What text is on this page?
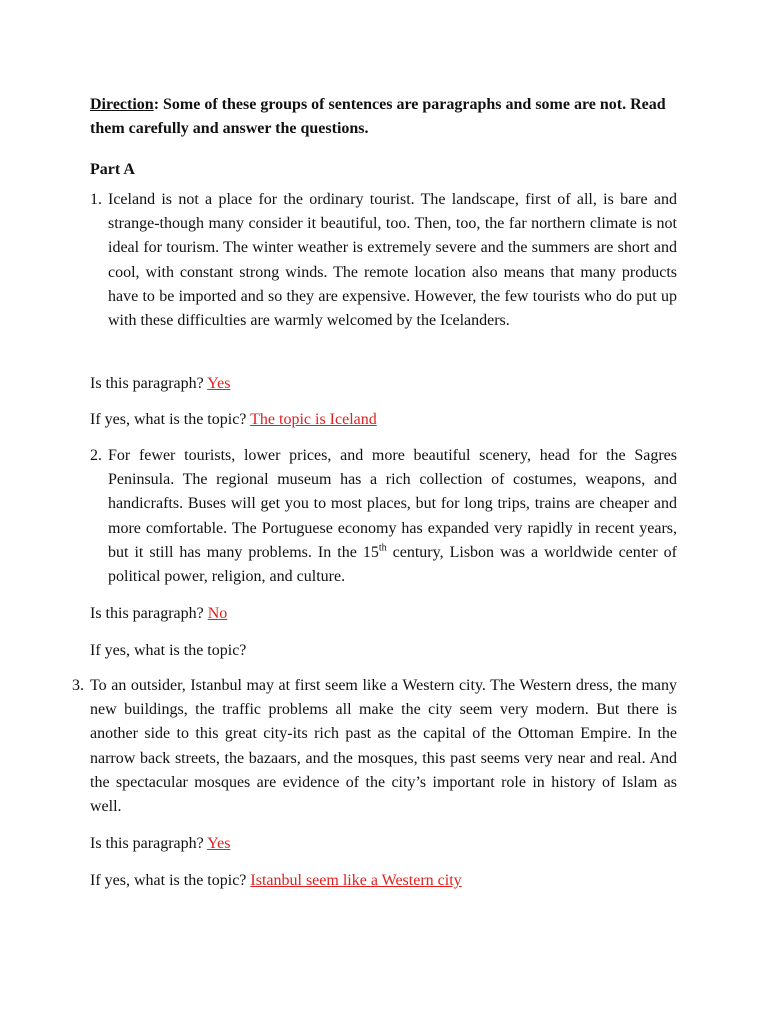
Direction: Some of these groups of sentences are paragraphs and some are not. Read them carefully and answer the questions.
Part A
1. Iceland is not a place for the ordinary tourist. The landscape, first of all, is bare and strange-though many consider it beautiful, too. Then, too, the far northern climate is not ideal for tourism. The winter weather is extremely severe and the summers are short and cool, with constant strong winds. The remote location also means that many products have to be imported and so they are expensive. However, the few tourists who do put up with these difficulties are warmly welcomed by the Icelanders.
Is this paragraph? Yes
If yes, what is the topic? The topic is Iceland
2. For fewer tourists, lower prices, and more beautiful scenery, head for the Sagres Peninsula. The regional museum has a rich collection of costumes, weapons, and handicrafts. Buses will get you to most places, but for long trips, trains are cheaper and more comfortable. The Portuguese economy has expanded very rapidly in recent years, but it still has many problems. In the 15th century, Lisbon was a worldwide center of political power, religion, and culture.
Is this paragraph? No
If yes, what is the topic?
3. To an outsider, Istanbul may at first seem like a Western city. The Western dress, the many new buildings, the traffic problems all make the city seem very modern. But there is another side to this great city-its rich past as the capital of the Ottoman Empire. In the narrow back streets, the bazaars, and the mosques, this past seems very near and real. And the spectacular mosques are evidence of the city’s important role in history of Islam as well.
Is this paragraph? Yes
If yes, what is the topic? Istanbul seem like a Western city
